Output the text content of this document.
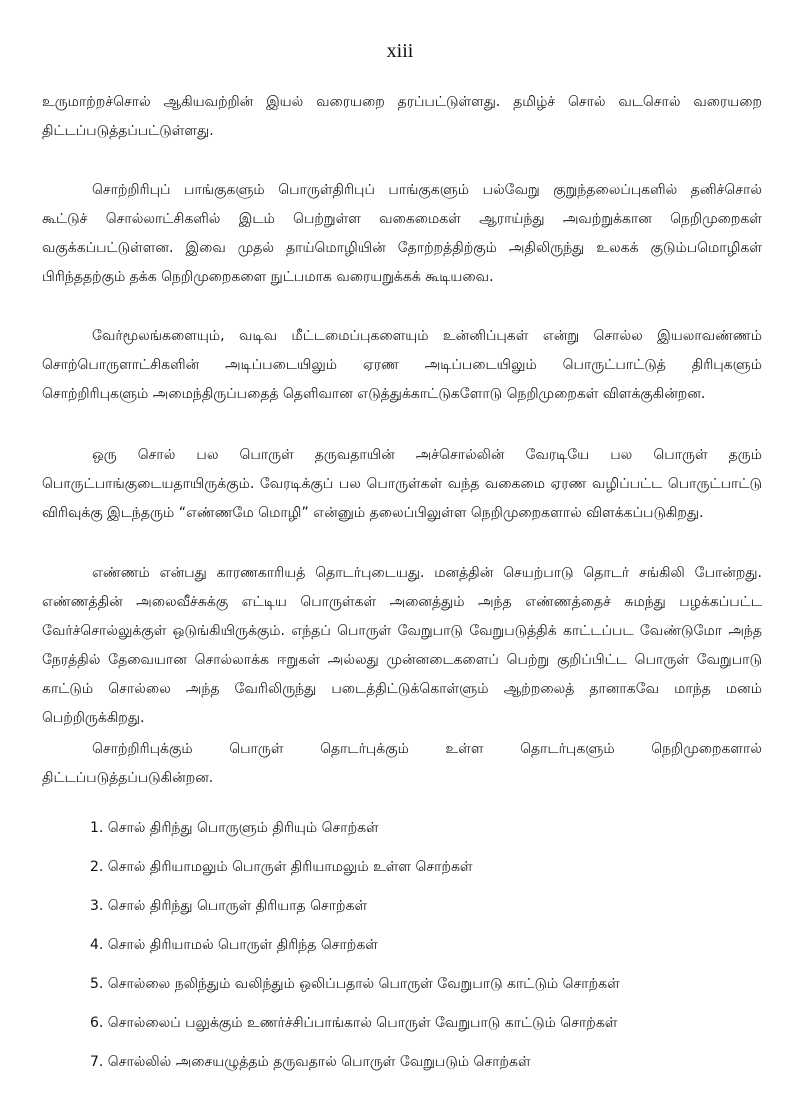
xiii

உருமாற்றச்சொல் ஆகியவற்றின் இயல் வரையறை தரப்பட்டுள்ளது. தமிழ்ச் சொல் வடசொல் வரையறை
திட்டப்படுத்தப்பட்டுள்ளது.

சொற்றிரிபுப் பாங்குகளும் பொருள்திரிபுப் பாங்குகளும் பல்வேறு குறுந்தலைப்புகளில் தனிச்சொல்
கூட்டுச் சொல்லாட்சிகளில் இடம் பெற்றுள்ள வகைமைகள் ஆராய்ந்து அவற்றுக்கான நெறிமுறைகள்
வகுக்கப்பட்டுள்ளன. இவை முதல் தாய்மொழியின் தோற்றத்திற்கும் அதிலிருந்து உலகக் குடும்பமொழிகள்
பிரிந்ததற்கும் தக்க நெறிமுறைகளை நுட்பமாக வரையறுக்கக் கூடியவை.

வேர்மூலங்களையும், வடிவ மீட்டமைப்புகளையும் உன்னிப்புகள் என்று சொல்ல இயலாவண்ணம்
சொற்பொருளாட்சிகளின் அடிப்படையிலும் ஏரண அடிப்படையிலும் பொருட்பாட்டுத் திரிபுகளும்
சொற்றிரிபுகளும் அமைந்திருப்பதைத் தெளிவான எடுத்துக்காட்டுகளோடு நெறிமுறைகள் விளக்குகின்றன.

ஒரு சொல் பல பொருள் தருவதாயின் அச்சொல்லின் வேரடியே பல பொருள் தரும்
பொருட்பாங்குடையதாயிருக்கும். வேரடிக்குப் பல பொருள்கள் வந்த வகைமை ஏரண வழிப்பட்ட பொருட்பாட்டு
விரிவுக்கு இடந்தரும் “எண்ணமே மொழி” என்னும் தலைப்பிலுள்ள நெறிமுறைகளால் விளக்கப்படுகிறது.

எண்ணம் என்பது காரணகாரியத் தொடர்புடையது. மனத்தின் செயற்பாடு தொடர் சங்கிலி போன்றது.
எண்ணத்தின் அலைவீச்சுக்கு எட்டிய பொருள்கள் அனைத்தும் அந்த எண்ணத்தைச் சுமந்து பழக்கப்பட்ட
வேர்ச்சொல்லுக்குள் ஒடுங்கியிருக்கும். எந்தப் பொருள் வேறுபாடு வேறுபடுத்திக் காட்டப்பட வேண்டுமோ அந்த
நேரத்தில் தேவையான சொல்லாக்க ஈறுகள் அல்லது முன்னடைகளைப் பெற்று குறிப்பிட்ட பொருள் வேறுபாடு
காட்டும் சொல்லை அந்த வேரிலிருந்து படைத்திட்டுக்கொள்ளும் ஆற்றலைத் தானாகவே மாந்த மனம்
பெற்றிருக்கிறது.

சொற்றிரிபுக்கும் பொருள் தொடர்புக்கும் உள்ள தொடர்புகளும் நெறிமுறைகளால்
திட்டப்படுத்தப்படுகின்றன.

1. சொல் திரிந்து பொருளும் திரியும் சொற்கள்
2. சொல் திரியாமலும் பொருள் திரியாமலும் உள்ள சொற்கள்
3. சொல் திரிந்து பொருள் திரியாத சொற்கள்
4. சொல் திரியாமல் பொருள் திரிந்த சொற்கள்
5. சொல்லை நலிந்தும் வலிந்தும் ஒலிப்பதால் பொருள் வேறுபாடு காட்டும் சொற்கள்
6. சொல்லைப் பலுக்கும் உணர்ச்சிப்பாங்கால் பொருள் வேறுபாடு காட்டும் சொற்கள்
7. சொல்லில் அசையழுத்தம் தருவதால் பொருள் வேறுபடும் சொற்கள்
